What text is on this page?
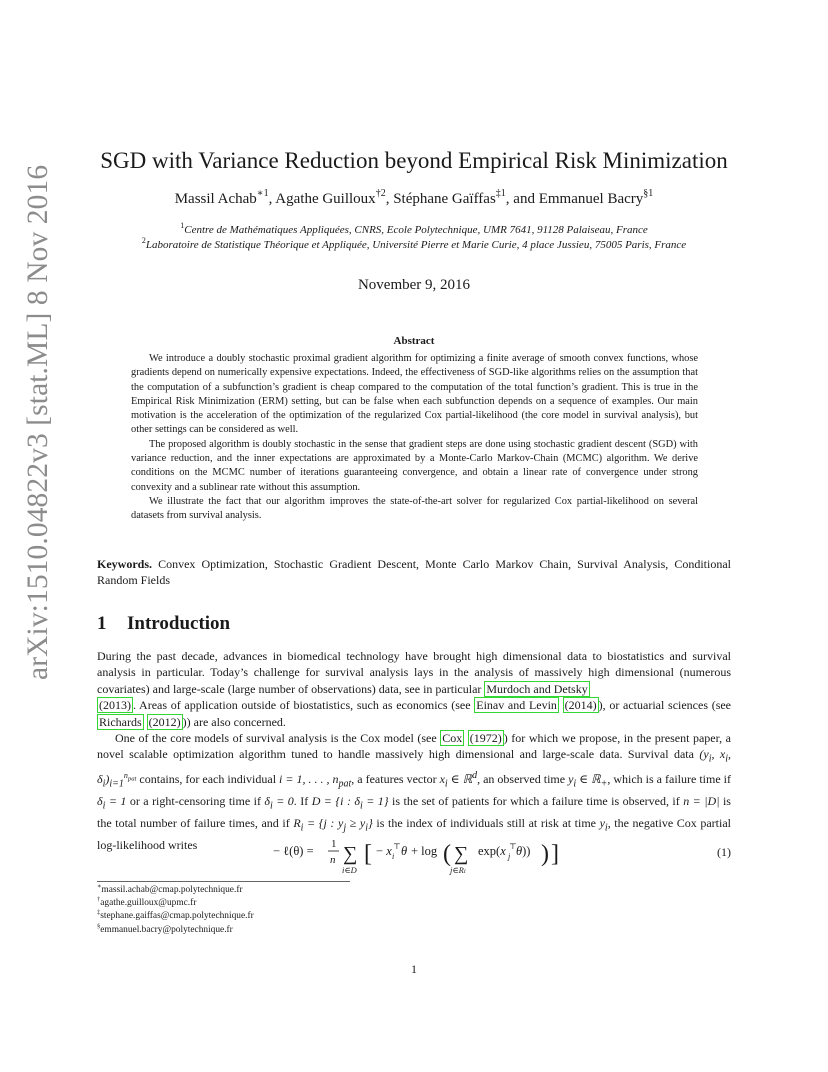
arXiv:1510.04822v3 [stat.ML] 8 Nov 2016
SGD with Variance Reduction beyond Empirical Risk Minimization
Massil Achab$^{∗1}$, Agathe Guilloux$^{\dagger 2}$, Stéphane Gaïffas$^{\ddagger 1}$, and Emmanuel Bacry$^{\S 1}$
$^1$Centre de Mathématiques Appliquées, CNRS, Ecole Polytechnique, UMR 7641, 91128 Palaiseau, France
$^2$Laboratoire de Statistique Théorique et Appliquée, Université Pierre et Marie Curie, 4 place Jussieu, 75005 Paris, France
November 9, 2016
Abstract

We introduce a doubly stochastic proximal gradient algorithm for optimizing a finite average of smooth convex functions, whose gradients depend on numerically expensive expectations. Indeed, the effectiveness of SGD-like algorithms relies on the assumption that the computation of a subfunction’s gradient is cheap compared to the computation of the total function’s gradient. This is true in the Empirical Risk Minimization (ERM) setting, but can be false when each subfunction depends on a sequence of examples. Our main motivation is the acceleration of the optimization of the regularized Cox partial-likelihood (the core model in survival analysis), but other settings can be considered as well.

The proposed algorithm is doubly stochastic in the sense that gradient steps are done using stochastic gradient descent (SGD) with variance reduction, and the inner expectations are approximated by a Monte-Carlo Markov-Chain (MCMC) algorithm. We derive conditions on the MCMC number of iterations guaranteeing convergence, and obtain a linear rate of convergence under strong convexity and a sublinear rate without this assumption.

We illustrate the fact that our algorithm improves the state-of-the-art solver for regularized Cox partial-likelihood on several datasets from survival analysis.

Keywords. Convex Optimization, Stochastic Gradient Descent, Monte Carlo Markov Chain, Survival Analysis, Conditional Random Fields
1 Introduction

During the past decade, advances in biomedical technology have brought high dimensional data to biostatistics and survival analysis in particular. Today’s challenge for survival analysis lays in the analysis of massively high dimensional (numerous covariates) and large-scale (large number of observations) data, see in particular Murdoch and Detsky
(2013) . Areas of application outside of biostatistics, such as economics (see Einav and Levin (2014) ), or actuarial sciences (see Richards (2012) )) are also concerned.

One of the core models of survival analysis is the Cox model (see Cox (1972) ) for which we propose, in the present paper, a novel scalable optimization algorithm tuned to handle massively high dimensional and large-scale data. Survival data ($y_i$, $x_i$, $\delta_i)_{i=1}^{n_{pat}}$ contains, for each individual i = 1, . . . , $n_{pat}$, a features vector $x_i$ ∈ ℝ$^d$, an observed time $y_i$ ∈ ℝ$_+$, which is a failure time if $\delta_i = 1$ or a right-censoring time if $\delta_i = 0$. If D = {i : $\delta_i = 1$} is the set of patients for which a failure time is observed, if n = |D| is the total number of failure times, and if $R_i = \{j$ : $y_j \ge y_i$} is the index of individuals still at risk at time $y_i$, the negative Cox partial log-likelihood writes	− ℓ(θ) = 1
n ∑
i∈D
[ − x ⊤
i θ + log ( ∑
j∈Ri
exp(x ⊤
j θ)) ) ]	(1)
∗massil.achab@cmap.polytechnique.fr
†agathe.guilloux@upmc.fr
‡stephane.gaiffas@cmap.polytechnique.fr
§emmanuel.bacry@polytechnique.fr
1
